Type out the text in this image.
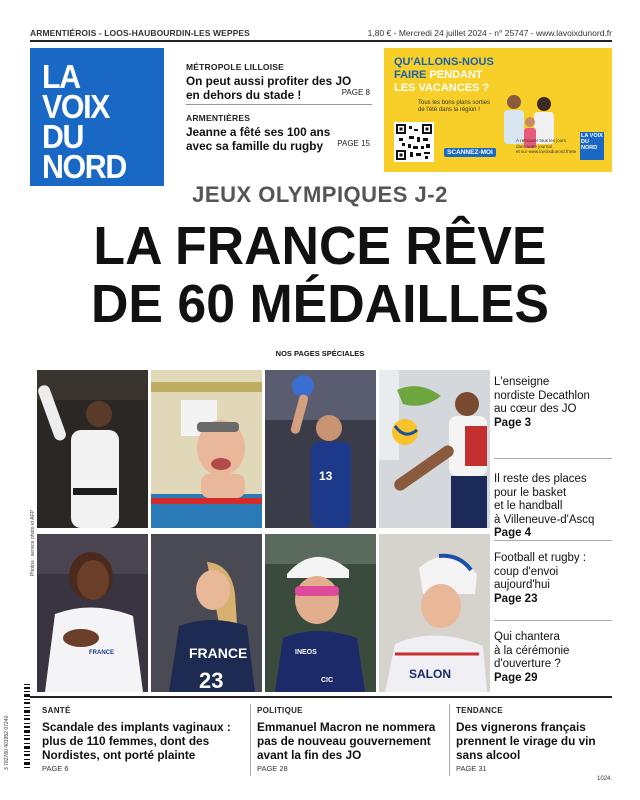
ARMENTIÉROIS - LOOS-HAUBOURDIN-LES WEPPES	1,80 € - Mercredi 24 juillet 2024 - n° 25747 - www.lavoixdunord.fr
LA
VOIX
DU
NORD
MÉTROPOLE LILLOISE
On peut aussi profiter des JO
en dehors du stade !	PAGE 8
ARMENTIÈRES
Jeanne a fêté ses 100 ans
avec sa famille du rugby	PAGE 15
QU'ALLONS-NOUS
FAIRE PENDANT
LES VACANCES ?
Tous les bons plans sorties
de l'été dans la région !
SCANNEZ-MOI
À retrouver tous les jours
dans votre journal
et sur www.lavoixdunord.fr/ete
LA VOIX DU NORD
JEUX OLYMPIQUES J-2
LA FRANCE RÊVE
DE 60 MÉDAILLES
NOS PAGES SPÉCIALES
13
FRANCE	FRANCE
23
INEOS
CIC	SALON
L'enseigne
nordiste Decathlon
au cœur des JO
Page 3
Il reste des places
pour le basket
et le handball
à Villeneuve-d'Ascq
Page 4
Football et rugby :
coup d'envoi
aujourd'hui
Page 23
Qui chantera
à la cérémonie
d'ouverture ?
Page 29
Photos : service photo et AFP
3 782780 401952 07240
SANTÉ
Scandale des implants vaginaux :
plus de 110 femmes, dont des
Nordistes, ont porté plainte
PAGE 6
POLITIQUE
Emmanuel Macron ne nommera
pas de nouveau gouvernement
avant la fin des JO
PAGE 28
TENDANCE
Des vignerons français
prennent le virage du vin
sans alcool
PAGE 31
1024.
